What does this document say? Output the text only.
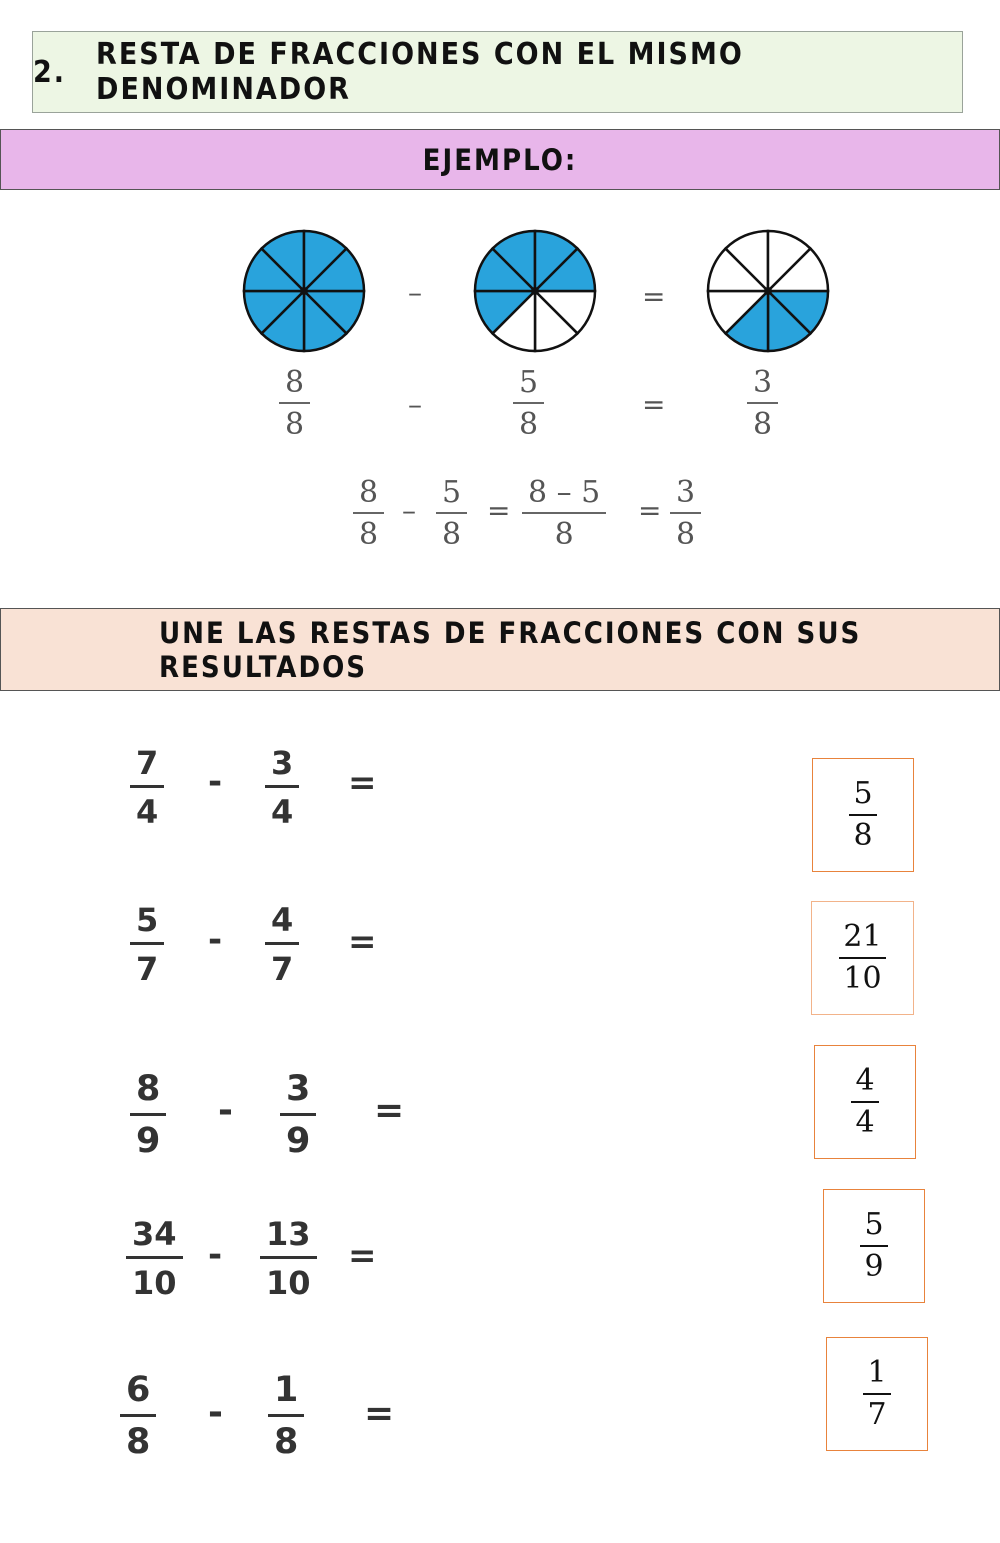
2. RESTA DE FRACCIONES CON EL MISMO DENOMINADOR
EJEMPLO:
–	=
8
8
–
5
8
=
3
8
8
8
–
5
8
=
8 – 5
8
=
3
8
UNE LAS RESTAS DE FRACCIONES CON SUS RESULTADOS
7
4
- 3
4
=
5
7
- 4
7
=
8
9
-
3
9
=
34
10
-
13
10
=
6
8
-
1
8
=
$\frac{5}{8}$
$\frac{21}{10}$
$\frac{4}{4}$
$\frac{5}{9}$
$\frac{1}{7}$
